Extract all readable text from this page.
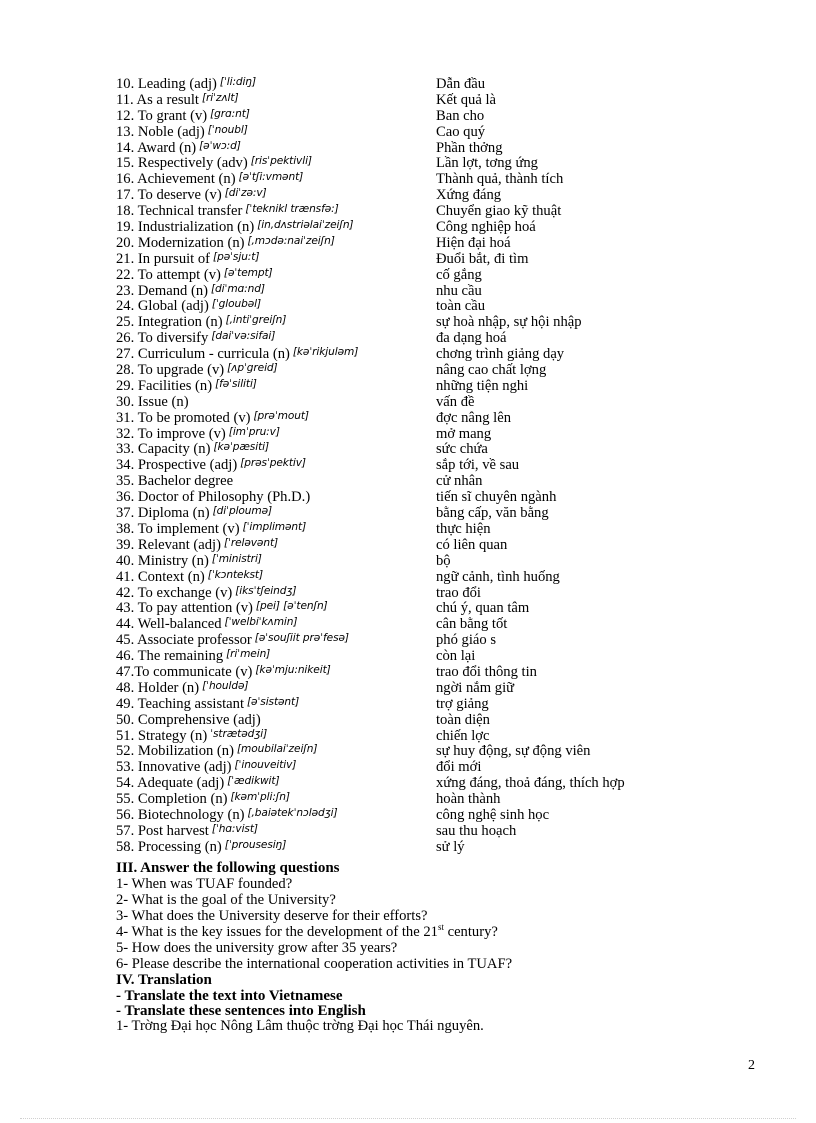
10. Leading (adj) [ˈli:diŋ]	Dẫn đầu
11. As a result [riˈzʌlt]	Kết quả là
12. To grant (v) [grɑ:nt]	Ban cho
13. Noble (adj) [ˈnoubl]	Cao quý
14. Award (n) [əˈwɔ:d]	Phần thởng
15. Respectively (adv) [risˈpektivli]	Lần lợt, tơng ứng
16. Achievement (n) [əˈtʃi:vmənt]	Thành quả, thành tích
17. To deserve (v) [diˈzə:v]	Xứng đáng
18. Technical transfer [ˈteknikl trænsfə:]	Chuyển giao kỹ thuật
19. Industrialization (n) [in,dʌstriəlaiˈzeiʃn]	Công nghiệp hoá
20. Modernization (n) [,mɔdə:naiˈzeiʃn]	Hiện đại hoá
21. In pursuit of [pəˈsju:t]	Đuổi bắt, đi tìm
22. To attempt (v) [əˈtempt]	cố gắng
23. Demand (n) [diˈmɑ:nd]	nhu cầu
24. Global (adj) [ˈgloubəl]	toàn cầu
25. Integration (n) [,intiˈgreiʃn]	sự hoà nhập, sự hội nhập
26. To diversify [daiˈvə:sifai]	đa dạng hoá
27. Curriculum - curricula (n) [kəˈrikjuləm]	chơng trình giảng dạy
28. To upgrade (v) [ʌpˈgreid]	nâng cao chất lợng
29. Facilities (n) [fəˈsiliti]	những tiện nghi
30. Issue (n)	vấn đề
31. To be promoted (v) [prəˈmout]	đợc nâng lên
32. To improve (v) [imˈpru:v]	mở mang
33. Capacity (n) [kəˈpæsiti]	sức chứa
34. Prospective (adj) [prəsˈpektiv]	sắp tới, về sau
35. Bachelor degree	cử nhân
36. Doctor of Philosophy (Ph.D.)	tiến sĩ chuyên ngành
37. Diploma (n) [diˈploumə]	bằng cấp, văn bằng
38. To implement (v) [ˈimplimənt]	thực hiện
39. Relevant (adj) [ˈreləvənt]	có liên quan
40. Ministry (n) [ˈministri]	bộ
41. Context (n) [ˈkɔntekst]	ngữ cảnh, tình huống
42. To exchange (v) [iksˈtʃeindʒ]	trao đổi
43. To pay attention (v) [pei] [əˈtenʃn]	chú ý, quan tâm
44. Well-balanced [ˈwelbiˈkʌmin]	cân bằng tốt
45. Associate professor [əˈsouʃiit prəˈfesə]	phó giáo s
46. The remaining [riˈmein]	còn lại
47.To communicate (v) [kəˈmju:nikeit]	trao đổi thông tin
48. Holder (n) [ˈhouldə]	ngời nắm giữ
49. Teaching assistant [əˈsistənt]	trợ giảng
50. Comprehensive (adj)	toàn diện
51. Strategy (n) $^{ˈstrætədʒi]}$	chiến lợc
52. Mobilization (n) [moubilaiˈzeiʃn]	sự huy động, sự động viên
53. Innovative (adj) [ˈinouveitiv]	đổi mới
54. Adequate (adj) [ˈædikwit]	xứng đáng, thoả đáng, thích hợp
55. Completion (n) [kəmˈpli:ʃn]	hoàn thành
56. Biotechnology (n) [,baiətekˈnɔlədʒi]	công nghệ sinh học
57. Post harvest [ˈhɑ:vist]	sau thu hoạch
58. Processing (n) [ˈprousesiŋ]	sử lý
III. Answer the following questions
1- When was TUAF founded?
2- What is the goal of the University?
3- What does the University deserve for their efforts?
4- What is the key issues for the development of the 21st century?
5- How does the university grow after 35 years?
6- Please describe the international cooperation activities in TUAF?
IV. Translation
- Translate the text into Vietnamese
- Translate these sentences into English
1- Trờng Đại học Nông Lâm thuộc trờng Đại học Thái nguyên.
2
